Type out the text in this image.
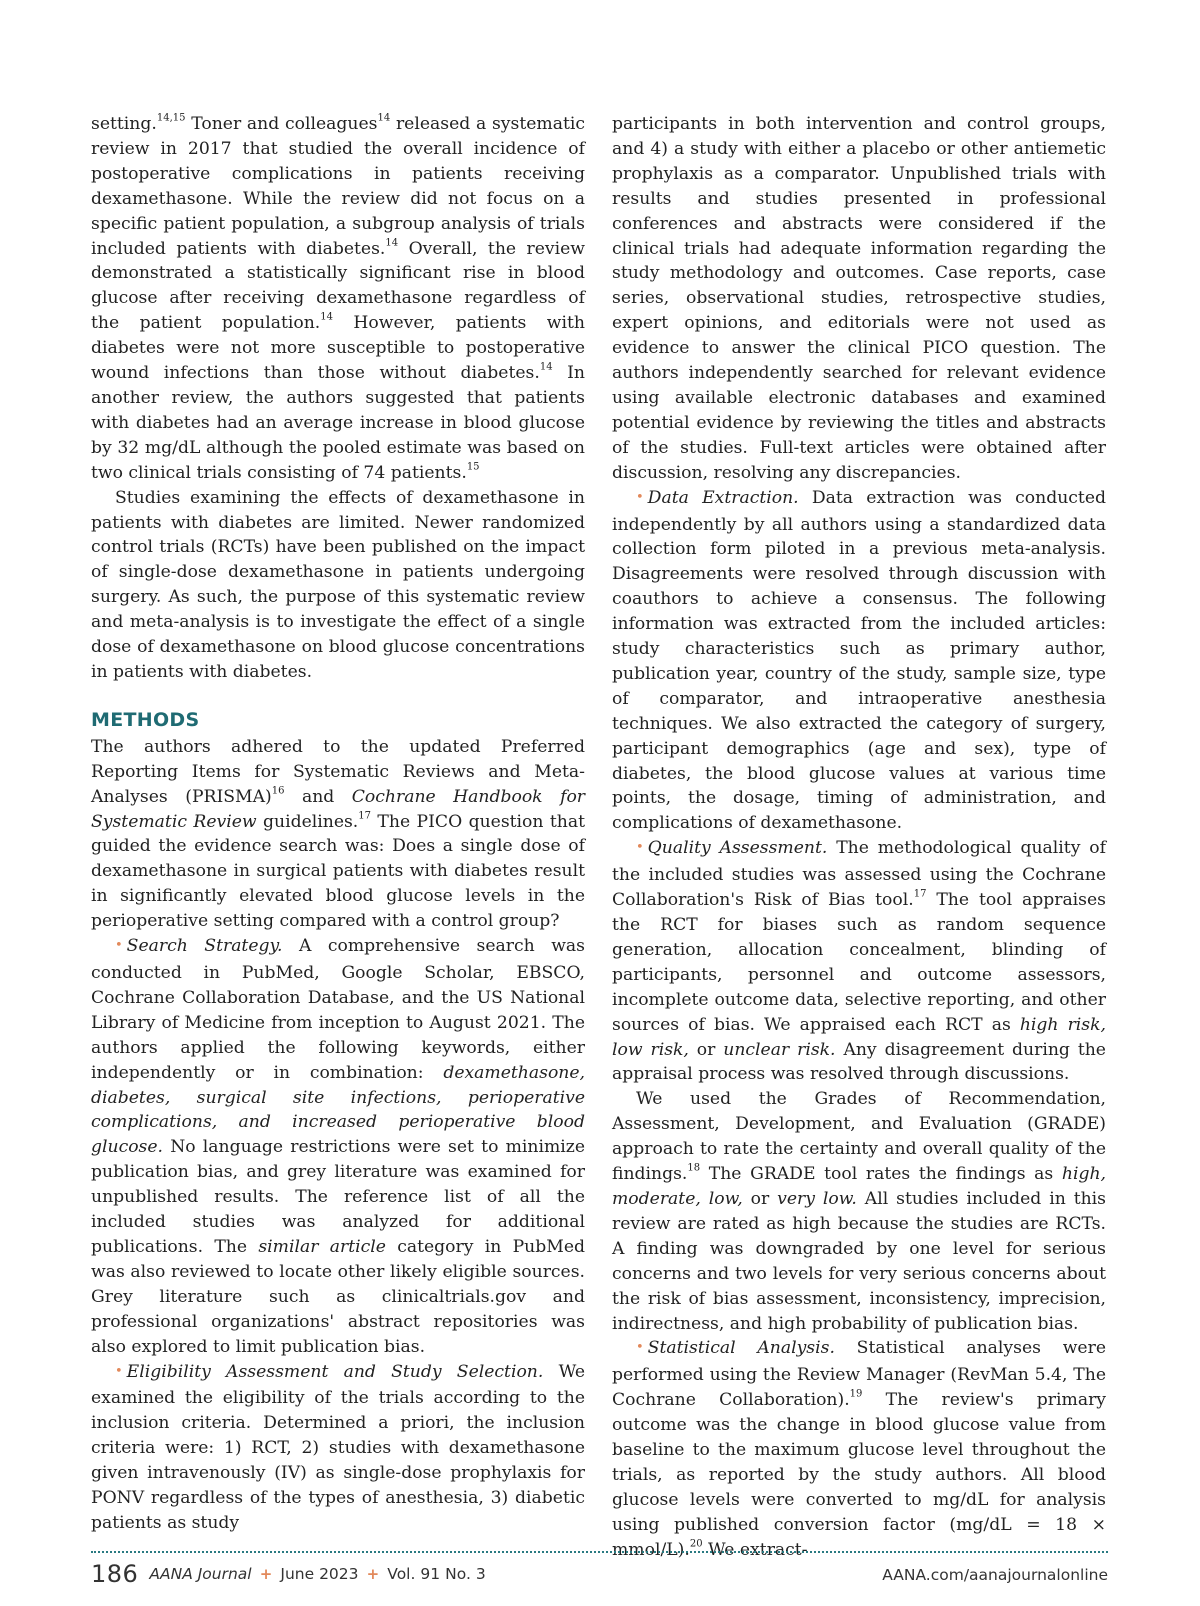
setting.$^{14,15}$ Toner and colleagues$^{14}$ released a systematic review in 2017 that studied the overall incidence of postoperative complications in patients receiving dexamethasone. While the review did not focus on a specific patient population, a subgroup analysis of trials included patients with diabetes.$^{14}$ Overall, the review demonstrated a statistically significant rise in blood glucose after receiving dexamethasone regardless of the patient population.$^{14}$ However, patients with diabetes were not more susceptible to postoperative wound infections than those without diabetes.$^{14}$ In another review, the authors suggested that patients with diabetes had an average increase in blood glucose by 32 mg/dL although the pooled estimate was based on two clinical trials consisting of 74 patients.$^{15}$

Studies examining the effects of dexamethasone in patients with diabetes are limited. Newer randomized control trials (RCTs) have been published on the impact of single-dose dexamethasone in patients undergoing surgery. As such, the purpose of this systematic review and meta-analysis is to investigate the effect of a single dose of dexamethasone on blood glucose concentrations in patients with diabetes.

METHODS

The authors adhered to the updated Preferred Reporting Items for Systematic Reviews and Meta-Analyses (PRISMA)$^{16}$ and Cochrane Handbook for Systematic Review guidelines.$^{17}$ The PICO question that guided the evidence search was: Does a single dose of dexamethasone in surgical patients with diabetes result in significantly elevated blood glucose levels in the perioperative setting compared with a control group?

• Search Strategy. A comprehensive search was conducted in PubMed, Google Scholar, EBSCO, Cochrane Collaboration Database, and the US National Library of Medicine from inception to August 2021. The authors applied the following keywords, either independently or in combination: dexamethasone, diabetes, surgical site infections, perioperative complications, and increased perioperative blood glucose. No language restrictions were set to minimize publication bias, and grey literature was examined for unpublished results. The reference list of all the included studies was analyzed for additional publications. The similar article category in PubMed was also reviewed to locate other likely eligible sources. Grey literature such as clinicaltrials.gov and professional organizations' abstract repositories was also explored to limit publication bias.

• Eligibility Assessment and Study Selection. We examined the eligibility of the trials according to the inclusion criteria. Determined a priori, the inclusion criteria were: 1) RCT, 2) studies with dexamethasone given intravenously (IV) as single-dose prophylaxis for PONV regardless of the types of anesthesia, 3) diabetic patients as study

participants in both intervention and control groups, and 4) a study with either a placebo or other antiemetic prophylaxis as a comparator. Unpublished trials with results and studies presented in professional conferences and abstracts were considered if the clinical trials had adequate information regarding the study methodology and outcomes. Case reports, case series, observational studies, retrospective studies, expert opinions, and editorials were not used as evidence to answer the clinical PICO question. The authors independently searched for relevant evidence using available electronic databases and examined potential evidence by reviewing the titles and abstracts of the studies. Full-text articles were obtained after discussion, resolving any discrepancies.

• Data Extraction. Data extraction was conducted independently by all authors using a standardized data collection form piloted in a previous meta-analysis. Disagreements were resolved through discussion with coauthors to achieve a consensus. The following information was extracted from the included articles: study characteristics such as primary author, publication year, country of the study, sample size, type of comparator, and intraoperative anesthesia techniques. We also extracted the category of surgery, participant demographics (age and sex), type of diabetes, the blood glucose values at various time points, the dosage, timing of administration, and complications of dexamethasone.

• Quality Assessment. The methodological quality of the included studies was assessed using the Cochrane Collaboration's Risk of Bias tool.$^{17}$ The tool appraises the RCT for biases such as random sequence generation, allocation concealment, blinding of participants, personnel and outcome assessors, incomplete outcome data, selective reporting, and other sources of bias. We appraised each RCT as high risk, low risk, or unclear risk. Any disagreement during the appraisal process was resolved through discussions.

We used the Grades of Recommendation, Assessment, Development, and Evaluation (GRADE) approach to rate the certainty and overall quality of the findings.$^{18}$ The GRADE tool rates the findings as high, moderate, low, or very low. All studies included in this review are rated as high because the studies are RCTs. A finding was downgraded by one level for serious concerns and two levels for very serious concerns about the risk of bias assessment, inconsistency, imprecision, indirectness, and high probability of publication bias.

• Statistical Analysis. Statistical analyses were performed using the Review Manager (RevMan 5.4, The Cochrane Collaboration).$^{19}$ The review's primary outcome was the change in blood glucose value from baseline to the maximum glucose level throughout the trials, as reported by the study authors. All blood glucose levels were converted to mg/dL for analysis using published conversion factor (mg/dL = 18 × mmol/L).$^{20}$ We extract-

186 AANA Journal + June 2023 + Vol. 91 No. 3	AANA.com/aanajournalonline
